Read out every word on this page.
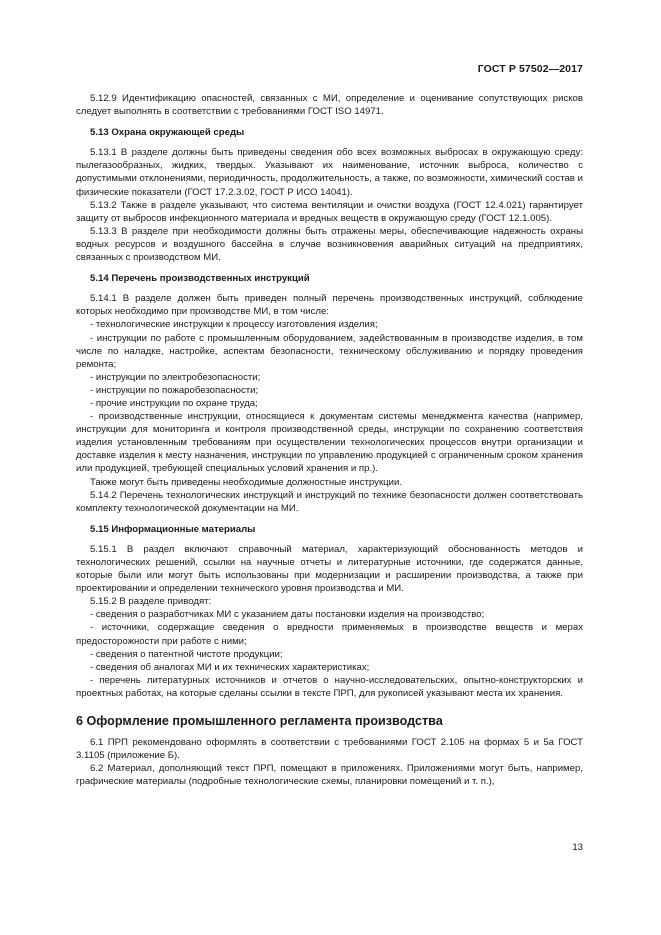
ГОСТ Р 57502—2017

5.12.9 Идентификацию опасностей, связанных с МИ, определение и оценивание сопутствующих рисков следует выполнять в соответствии с требованиями ГОСТ ISO 14971.

5.13 Охрана окружающей среды

5.13.1 В разделе должны быть приведены сведения обо всех возможных выбросах в окружающую среду: пылегазообразных, жидких, твердых. Указывают их наименование, источник выброса, количество с допустимыми отклонениями, периодичность, продолжительность, а также, по возможности, химический состав и физические показатели (ГОСТ 17.2.3.02, ГОСТ Р ИСО 14041).

5.13.2 Также в разделе указывают, что система вентиляции и очистки воздуха (ГОСТ 12.4.021) гарантирует защиту от выбросов инфекционного материала и вредных веществ в окружающую среду (ГОСТ 12.1.005).

5.13.3 В разделе при необходимости должны быть отражены меры, обеспечивающие надежность охраны водных ресурсов и воздушного бассейна в случае возникновения аварийных ситуаций на предприятиях, связанных с производством МИ.

5.14 Перечень производственных инструкций

5.14.1 В разделе должен быть приведен полный перечень производственных инструкций, соблюдение которых необходимо при производстве МИ, в том числе:

- технологические инструкции к процессу изготовления изделия;

- инструкции по работе с промышленным оборудованием, задействованным в производстве изделия, в том числе по наладке, настройке, аспектам безопасности, техническому обслуживанию и порядку проведения ремонта;

- инструкции по электробезопасности;

- инструкции по пожаробезопасности;

- прочие инструкции по охране труда;

- производственные инструкции, относящиеся к документам системы менеджмента качества (например, инструкции для мониторинга и контроля производственной среды, инструкции по сохранению соответствия изделия установленным требованиям при осуществлении технологических процессов внутри организации и доставке изделия к месту назначения, инструкции по управлению продукцией с ограниченным сроком хранения или продукцией, требующей специальных условий хранения и пр.).

Также могут быть приведены необходимые должностные инструкции.

5.14.2 Перечень технологических инструкций и инструкций по технике безопасности должен соответствовать комплекту технологической документации на МИ.

5.15 Информационные материалы

5.15.1 В раздел включают справочный материал, характеризующий обоснованность методов и технологических решений, ссылки на научные отчеты и литературные источники, где содержатся данные, которые были или могут быть использованы при модернизации и расширении производства, а также при проектировании и определении технического уровня производства и МИ.

5.15.2 В разделе приводят:

- сведения о разработчиках МИ с указанием даты постановки изделия на производство;

- источники, содержащие сведения о вредности применяемых в производстве веществ и мерах предосторожности при работе с ними;

- сведения о патентной чистоте продукции;

- сведения об аналогах МИ и их технических характеристиках;

- перечень литературных источников и отчетов о научно-исследовательских, опытно-конструкторских и проектных работах, на которые сделаны ссылки в тексте ПРП, для рукописей указывают места их хранения.

6 Оформление промышленного регламента производства

6.1 ПРП рекомендовано оформлять в соответствии с требованиями ГОСТ 2.105 на формах 5 и 5а ГОСТ 3.1105 (приложение Б).

6.2 Материал, дополняющий текст ПРП, помещают в приложениях. Приложениями могут быть, например, графические материалы (подробные технологические схемы, планировки помещений и т. п.),

13
